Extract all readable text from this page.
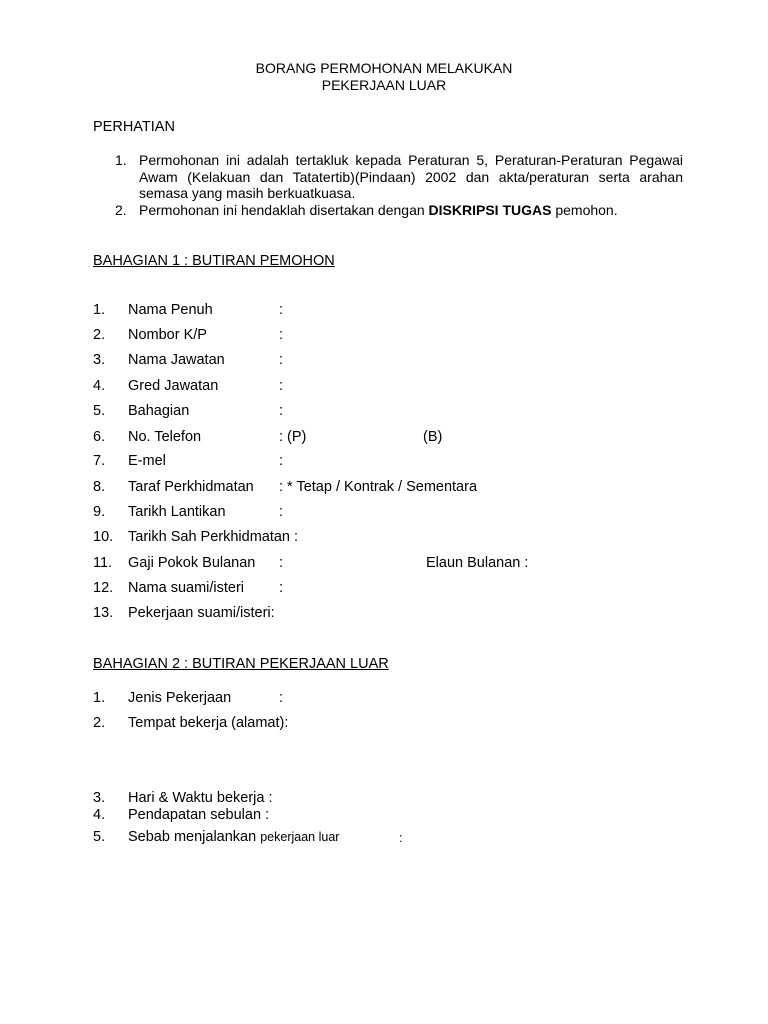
BORANG PERMOHONAN MELAKUKAN
PEKERJAAN LUAR
PERHATIAN
1. Permohonan ini adalah tertakluk kepada Peraturan 5, Peraturan-Peraturan Pegawai Awam (Kelakuan dan Tatatertib)(Pindaan) 2002 dan akta/peraturan serta arahan semasa yang masih berkuatkuasa.
2. Permohonan ini hendaklah disertakan dengan DISKRIPSI TUGAS pemohon.
BAHAGIAN 1 : BUTIRAN PEMOHON
1. Nama Penuh	:
2. Nombor K/P	:
3. Nama Jawatan	:
4. Gred Jawatan	:
5. Bahagian	:
6. No. Telefon	: (P)	(B)
7. E-mel	:
8. Taraf Perkhidmatan : * Tetap / Kontrak / Sementara
9. Tarikh Lantikan	:
10. Tarikh Sah Perkhidmatan :
11. Gaji Pokok Bulanan :	Elaun Bulanan :
12. Nama suami/isteri :
13. Pekerjaan suami/isteri:
BAHAGIAN 2 : BUTIRAN PEKERJAAN LUAR
1. Jenis Pekerjaan	:
2. Tempat bekerja (alamat):
3. Hari & Waktu bekerja :
4. Pendapatan sebulan :
5. Sebab menjalankan pekerjaan luar	:
